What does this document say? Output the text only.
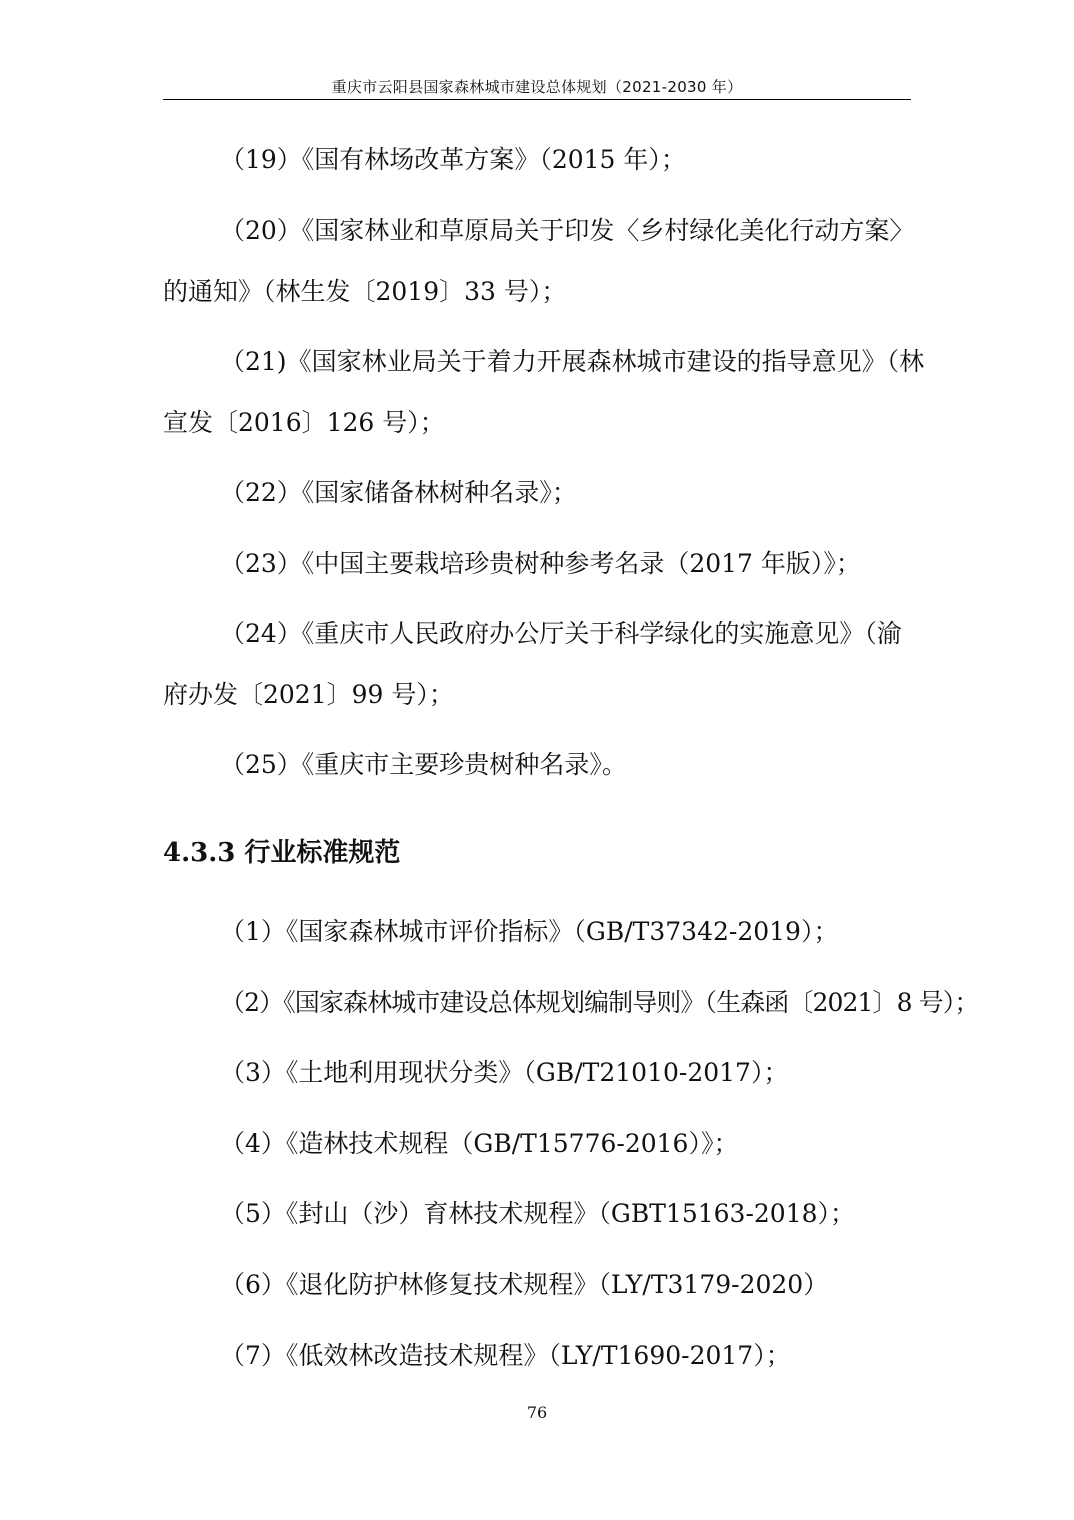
重庆市云阳县国家森林城市建设总体规划（2021-2030 年）
（19）《国有林场改革方案》（2015 年）；
（20）《国家林业和草原局关于印发〈乡村绿化美化行动方案〉
的通知》（林生发〔2019〕33 号）；
（21)《国家林业局关于着力开展森林城市建设的指导意见》（林
宣发〔2016〕126 号）；
（22）《国家储备林树种名录》；
（23）《中国主要栽培珍贵树种参考名录（2017 年版）》；
（24）《重庆市人民政府办公厅关于科学绿化的实施意见》（渝
府办发〔2021〕99 号）；
（25）《重庆市主要珍贵树种名录》。
4.3.3 行业标准规范
（1）《国家森林城市评价指标》（GB/T37342-2019）；
（2）《国家森林城市建设总体规划编制导则》（生森函〔2021〕8 号）；
（3）《土地利用现状分类》（GB/T21010-2017）；
（4）《造林技术规程（GB/T15776-2016）》；
（5）《封山（沙）育林技术规程》（GBT15163-2018）；
（6）《退化防护林修复技术规程》（LY/T3179-2020）
（7）《低效林改造技术规程》（LY/T1690-2017）；
76
